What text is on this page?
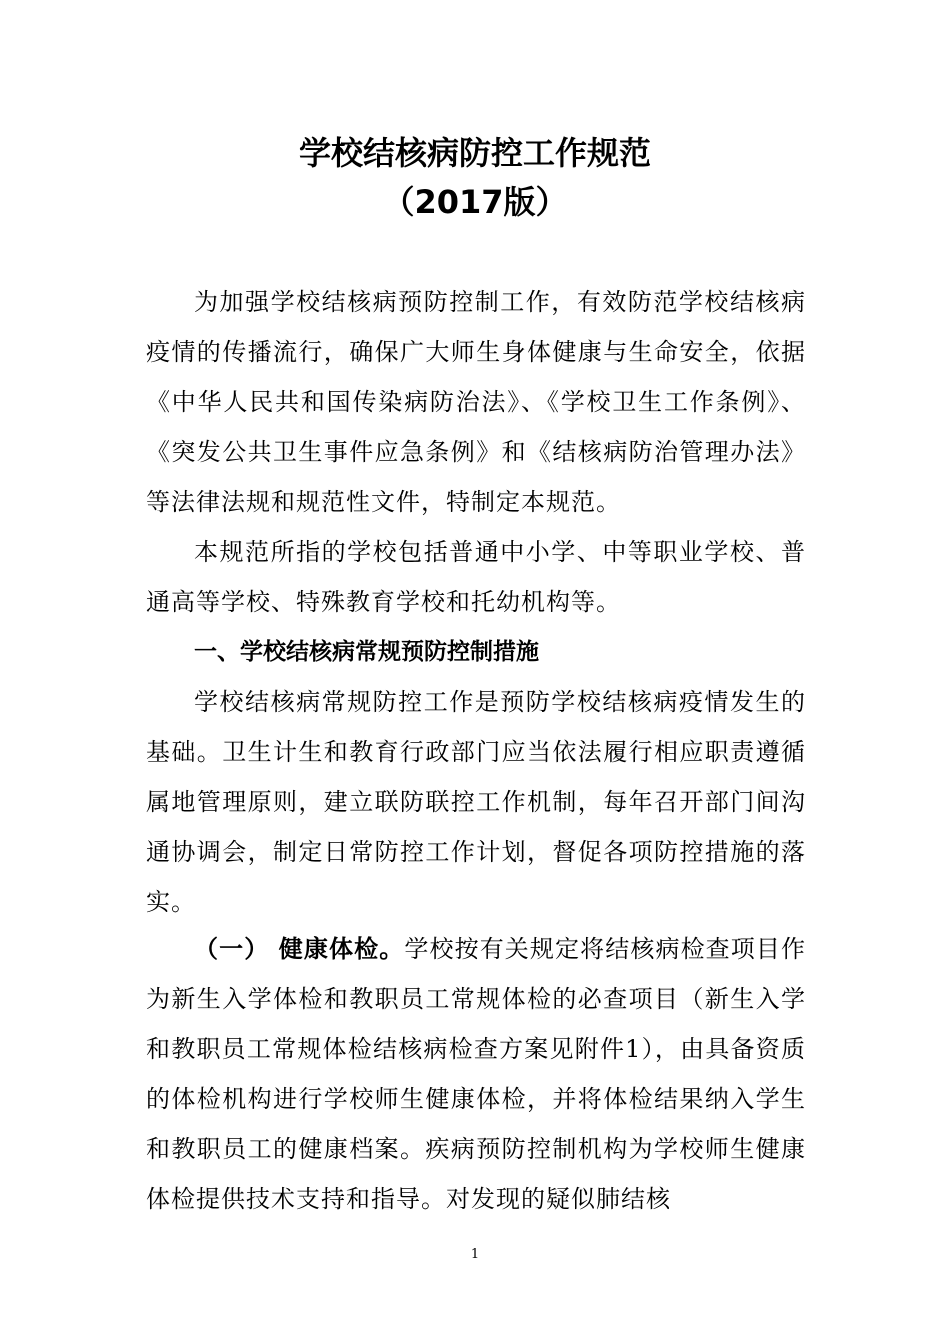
学校结核病防控工作规范
（2017版）

为加强学校结核病预防控制工作，有效防范学校结核病疫情的传播流行，确保广大师生身体健康与生命安全，依据《中华人民共和国传染病防治法》、《学校卫生工作条例》、《突发公共卫生事件应急条例》和《结核病防治管理办法》等法律法规和规范性文件，特制定本规范。

本规范所指的学校包括普通中小学、中等职业学校、普通高等学校、特殊教育学校和托幼机构等。

一、学校结核病常规预防控制措施

学校结核病常规防控工作是预防学校结核病疫情发生的基础。卫生计生和教育行政部门应当依法履行相应职责遵循属地管理原则，建立联防联控工作机制，每年召开部门间沟通协调会，制定日常防控工作计划，督促各项防控措施的落实。

（一） 健康体检。学校按有关规定将结核病检查项目作为新生入学体检和教职员工常规体检的必查项目（新生入学和教职员工常规体检结核病检查方案见附件1），由具备资质的体检机构进行学校师生健康体检，并将体检结果纳入学生和教职员工的健康档案。疾病预防控制机构为学校师生健康体检提供技术支持和指导。对发现的疑似肺结核

1
